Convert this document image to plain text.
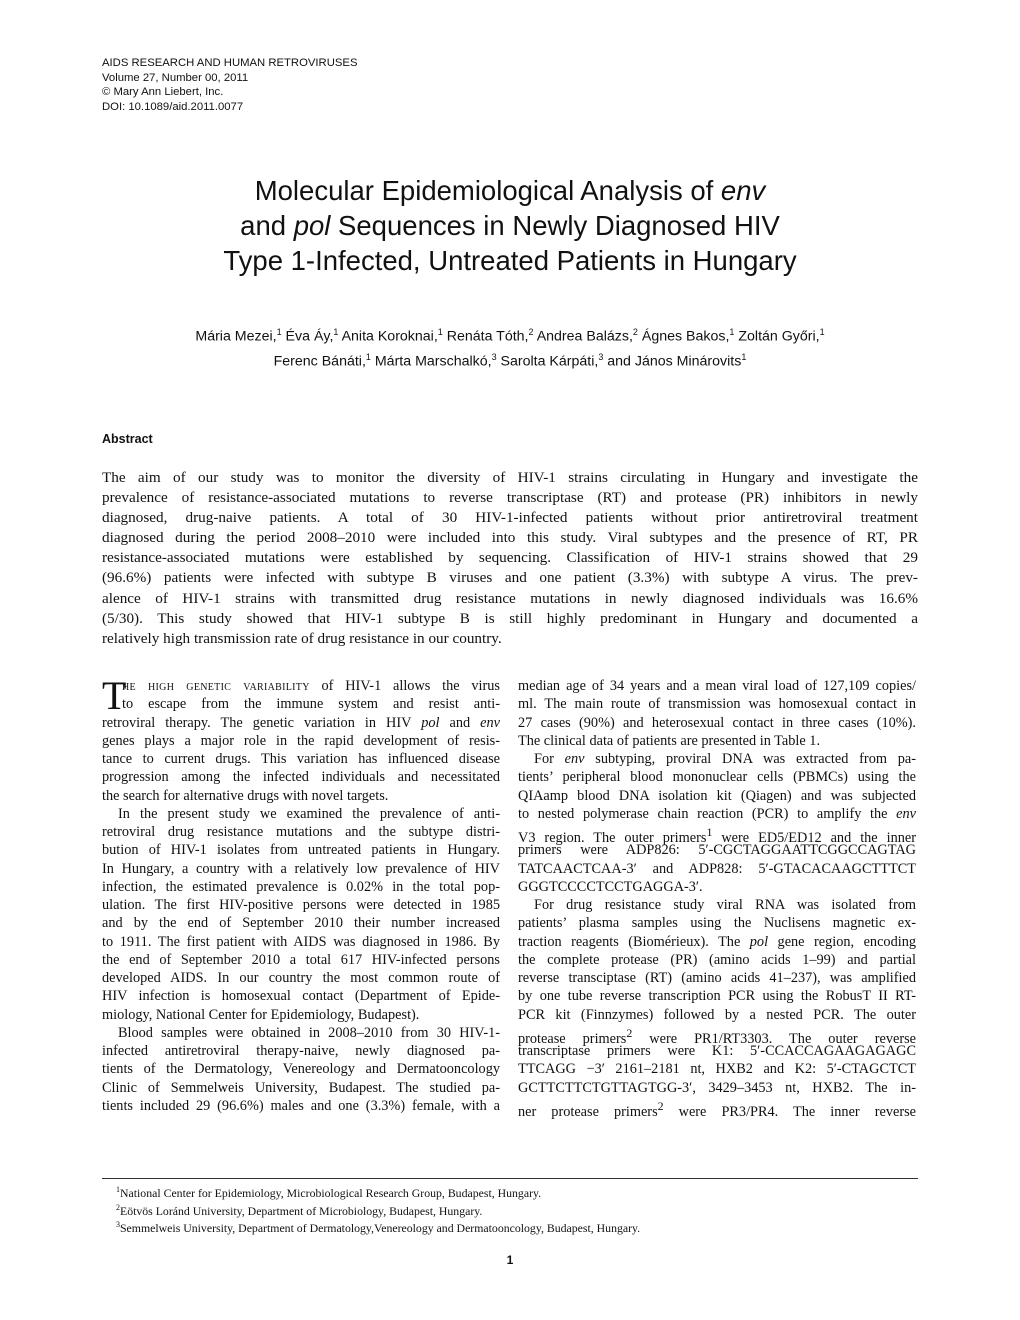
AIDS RESEARCH AND HUMAN RETROVIRUSES
Volume 27, Number 00, 2011
© Mary Ann Liebert, Inc.
DOI: 10.1089/aid.2011.0077
Molecular Epidemiological Analysis of env
and pol Sequences in Newly Diagnosed HIV
Type 1-Infected, Untreated Patients in Hungary
Mária Mezei,$^1$ Éva Áy,$^1$ Anita Koroknai,$^1$ Renáta Tóth,$^2$ Andrea Balázs,$^2$ Ágnes Bakos,$^1$ Zoltán Győri,$^1$
Ferenc Bánáti,$^1$ Márta Marschalkó,$^3$ Sarolta Kárpáti,$^3$ and János Minárovits$^1$
Abstract
The aim of our study was to monitor the diversity of HIV-1 strains circulating in Hungary and investigate the
prevalence of resistance-associated mutations to reverse transcriptase (RT) and protease (PR) inhibitors in newly
diagnosed, drug-naive patients. A total of 30 HIV-1-infected patients without prior antiretroviral treatment
diagnosed during the period 2008–2010 were included into this study. Viral subtypes and the presence of RT, PR
resistance-associated mutations were established by sequencing. Classification of HIV-1 strains showed that 29
(96.6%) patients were infected with subtype B viruses and one patient (3.3%) with subtype A virus. The prev-
alence of HIV-1 strains with transmitted drug resistance mutations in newly diagnosed individuals was 16.6%
(5/30). This study showed that HIV-1 subtype B is still highly predominant in Hungary and documented a
relatively high transmission rate of drug resistance in our country.
T
he high genetic variability of HIV-1 allows the virus
to escape from the immune system and resist anti-
retroviral therapy. The genetic variation in HIV pol and env
genes plays a major role in the rapid development of resis-
tance to current drugs. This variation has influenced disease
progression among the infected individuals and necessitated
the search for alternative drugs with novel targets.
In the present study we examined the prevalence of anti-
retroviral drug resistance mutations and the subtype distri-
bution of HIV-1 isolates from untreated patients in Hungary.
In Hungary, a country with a relatively low prevalence of HIV
infection, the estimated prevalence is 0.02% in the total pop-
ulation. The first HIV-positive persons were detected in 1985
and by the end of September 2010 their number increased
to 1911. The first patient with AIDS was diagnosed in 1986. By
the end of September 2010 a total 617 HIV-infected persons
developed AIDS. In our country the most common route of
HIV infection is homosexual contact (Department of Epide-
miology, National Center for Epidemiology, Budapest).
Blood samples were obtained in 2008–2010 from 30 HIV-1-
infected antiretroviral therapy-naive, newly diagnosed pa-
tients of the Dermatology, Venereology and Dermatooncology
Clinic of Semmelweis University, Budapest. The studied pa-
tients included 29 (96.6%) males and one (3.3%) female, with a
median age of 34 years and a mean viral load of 127,109 copies/
ml. The main route of transmission was homosexual contact in
27 cases (90%) and heterosexual contact in three cases (10%).
The clinical data of patients are presented in Table 1.
For env subtyping, proviral DNA was extracted from pa-
tients’ peripheral blood mononuclear cells (PBMCs) using the
QIAamp blood DNA isolation kit (Qiagen) and was subjected
to nested polymerase chain reaction (PCR) to amplify the env
V3 region. The outer primers$^1$ were ED5/ED12 and the inner
primers were ADP826: 5′-CGCTAGGAATTCGGCCAGTAG
TATCAACTCAA-3′ and ADP828: 5′-GTACACAAGCTTTCT
GGGTCCCCTCCTGAGGA-3′.
For drug resistance study viral RNA was isolated from
patients’ plasma samples using the Nuclisens magnetic ex-
traction reagents (Biomérieux). The pol gene region, encoding
the complete protease (PR) (amino acids 1–99) and partial
reverse transciptase (RT) (amino acids 41–237), was amplified
by one tube reverse transcription PCR using the RobusT II RT-
PCR kit (Finnzymes) followed by a nested PCR. The outer
protease primers$^2$ were PR1/RT3303. The outer reverse
transcriptase primers were K1: 5′-CCACCAGAAGAGAGC
TTCAGG −3′ 2161–2181 nt, HXB2 and K2: 5′-CTAGCTCT
GCTTCTTCTGTTAGTGG-3′, 3429–3453 nt, HXB2. The in-
ner protease primers$^2$ were PR3/PR4. The inner reverse
$^1$National Center for Epidemiology, Microbiological Research Group, Budapest, Hungary.
$^2$Eötvös Loránd University, Department of Microbiology, Budapest, Hungary.
$^3$Semmelweis University, Department of Dermatology,Venereology and Dermatooncology, Budapest, Hungary.
1
